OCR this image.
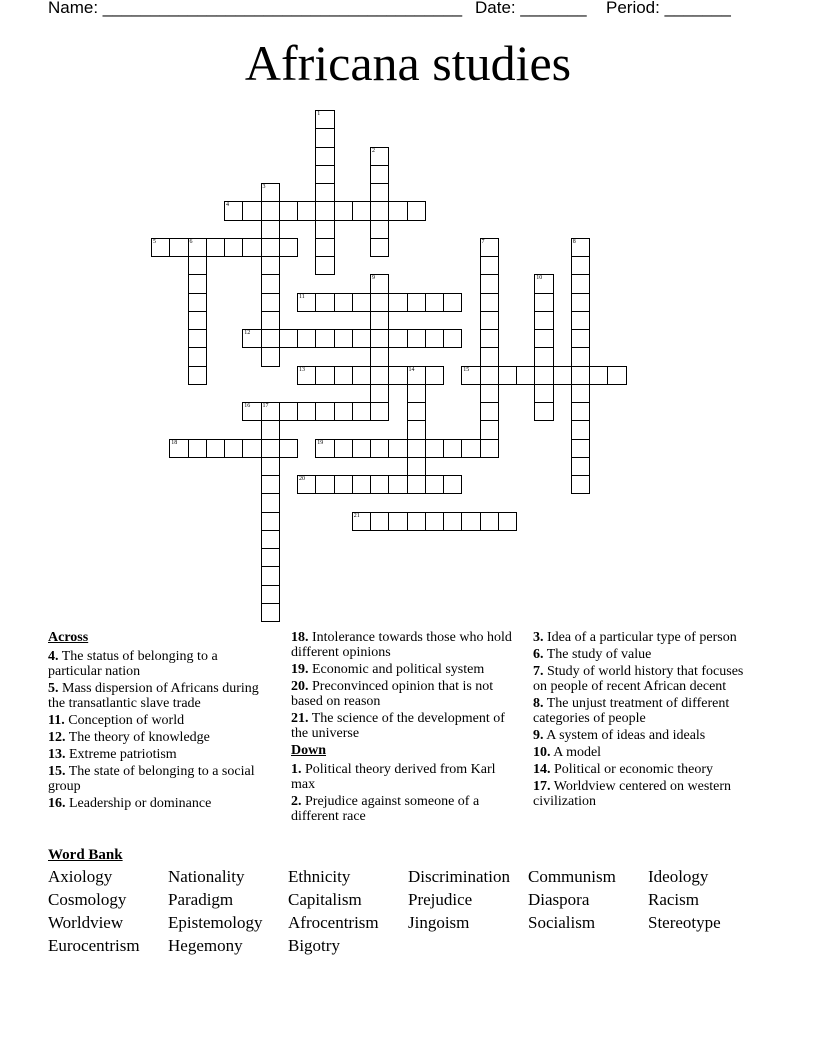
Name: ______________________________________ Date: _______ Period: _______
Africana studies
1
2
3
4
5	6	7	8
9	10
11
12
13	14	15
16 17
18	19
20
21
Across
4. The status of belonging to a particular nation
5. Mass dispersion of Africans during the transatlantic slave trade
11. Conception of world
12. The theory of knowledge
13. Extreme patriotism
15. The state of belonging to a social group
16. Leadership or dominance
18. Intolerance towards those who hold different opinions
19. Economic and political system
20. Preconvinced opinion that is not based on reason
21. The science of the development of the universe
Down
1. Political theory derived from Karl max
2. Prejudice against someone of a different race
3. Idea of a particular type of person
6. The study of value
7. Study of world history that focuses on people of recent African decent
8. The unjust treatment of different categories of people
9. A system of ideas and ideals
10. A model
14. Political or economic theory
17. Worldview centered on western civilization
Word Bank
Axiology	Nationality	Ethnicity	Discrimination Communism Ideology
Cosmology Paradigm	Capitalism	Prejudice	Diaspora	Racism
Worldview	Epistemology Afrocentrism Jingoism	Socialism	Stereotype
Eurocentrism Hegemony	Bigotry
